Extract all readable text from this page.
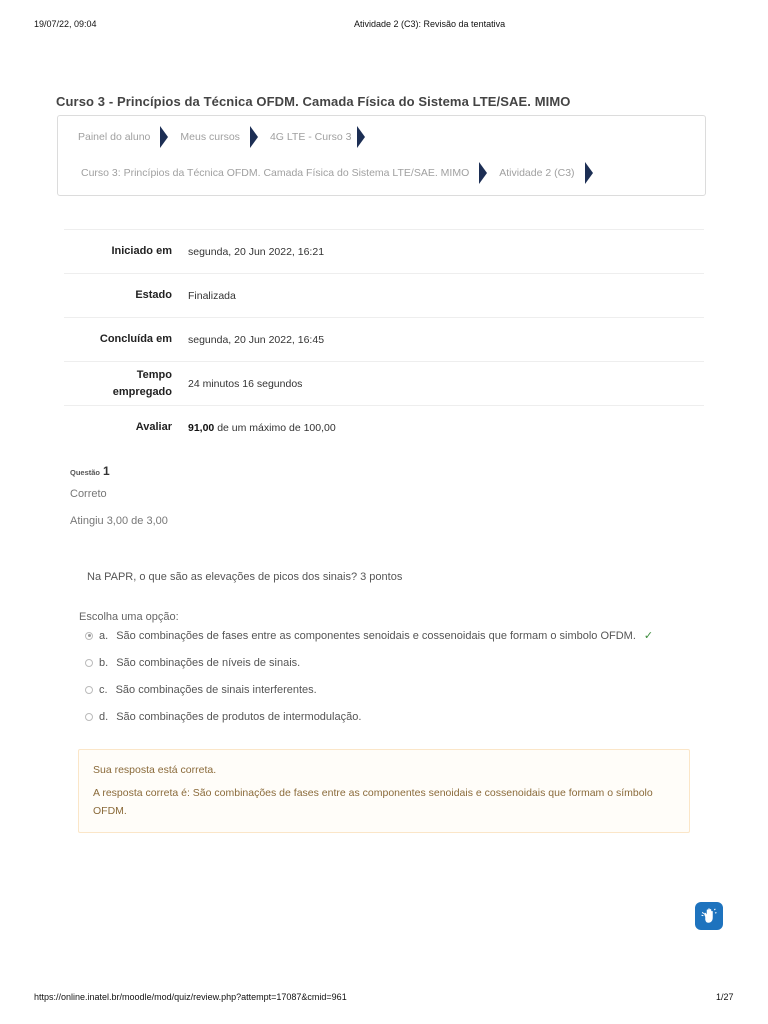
19/07/22, 09:04	Atividade 2 (C3): Revisão da tentativa
Curso 3 - Princípios da Técnica OFDM. Camada Física do Sistema LTE/SAE. MIMO
Painel do aluno	Meus cursos	4G LTE - Curso 3
Curso 3: Princípios da Técnica OFDM. Camada Física do Sistema LTE/SAE. MIMO	Atividade 2 (C3)
Iniciado em segunda, 20 Jun 2022, 16:21
Estado Finalizada
Concluída em segunda, 20 Jun 2022, 16:45
Tempo
empregado
24 minutos 16 segundos
Avaliar 91,00 de um máximo de 100,00
Questão 1
Correto
Atingiu 3,00 de 3,00
Na PAPR, o que são as elevações de picos dos sinais? 3 pontos
Escolha uma opção:
a. São combinações de fases entre as componentes senoidais e cossenoidais que formam o simbolo OFDM. ✓
b. São combinações de níveis de sinais.
c. São combinações de sinais interferentes.
d. São combinações de produtos de intermodulação.
Sua resposta está correta.
A resposta correta é: São combinações de fases entre as componentes senoidais e cossenoidais que formam o símbolo OFDM.
https://online.inatel.br/moodle/mod/quiz/review.php?attempt=17087&cmid=961	1/27
